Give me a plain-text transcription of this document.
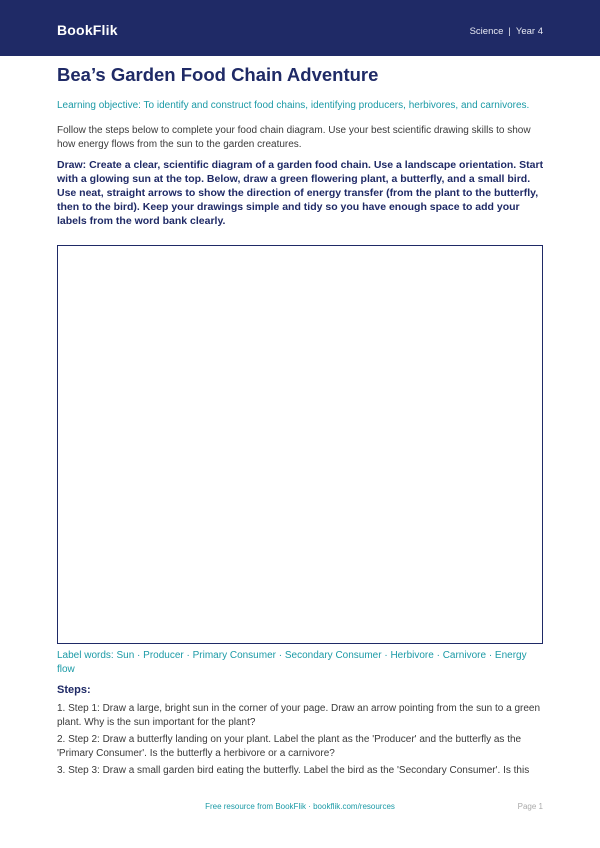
BookFlik	Science | Year 4
Bea’s Garden Food Chain Adventure
Learning objective: To identify and construct food chains, identifying producers, herbivores, and carnivores.
Follow the steps below to complete your food chain diagram. Use your best scientific drawing skills to show how energy flows from the sun to the garden creatures.
Draw: Create a clear, scientific diagram of a garden food chain. Use a landscape orientation. Start with a glowing sun at the top. Below, draw a green flowering plant, a butterfly, and a small bird. Use neat, straight arrows to show the direction of energy transfer (from the plant to the butterfly, then to the bird). Keep your drawings simple and tidy so you have enough space to add your labels from the word bank clearly.
Label words: Sun · Producer · Primary Consumer · Secondary Consumer · Herbivore · Carnivore · Energy flow
Steps:
1. Step 1: Draw a large, bright sun in the corner of your page. Draw an arrow pointing from the sun to a green plant. Why is the sun important for the plant?
2. Step 2: Draw a butterfly landing on your plant. Label the plant as the 'Producer' and the butterfly as the 'Primary Consumer'. Is the butterfly a herbivore or a carnivore?
3. Step 3: Draw a small garden bird eating the butterfly. Label the bird as the 'Secondary Consumer'. Is this
Free resource from BookFlik · bookflik.com/resources	Page 1
